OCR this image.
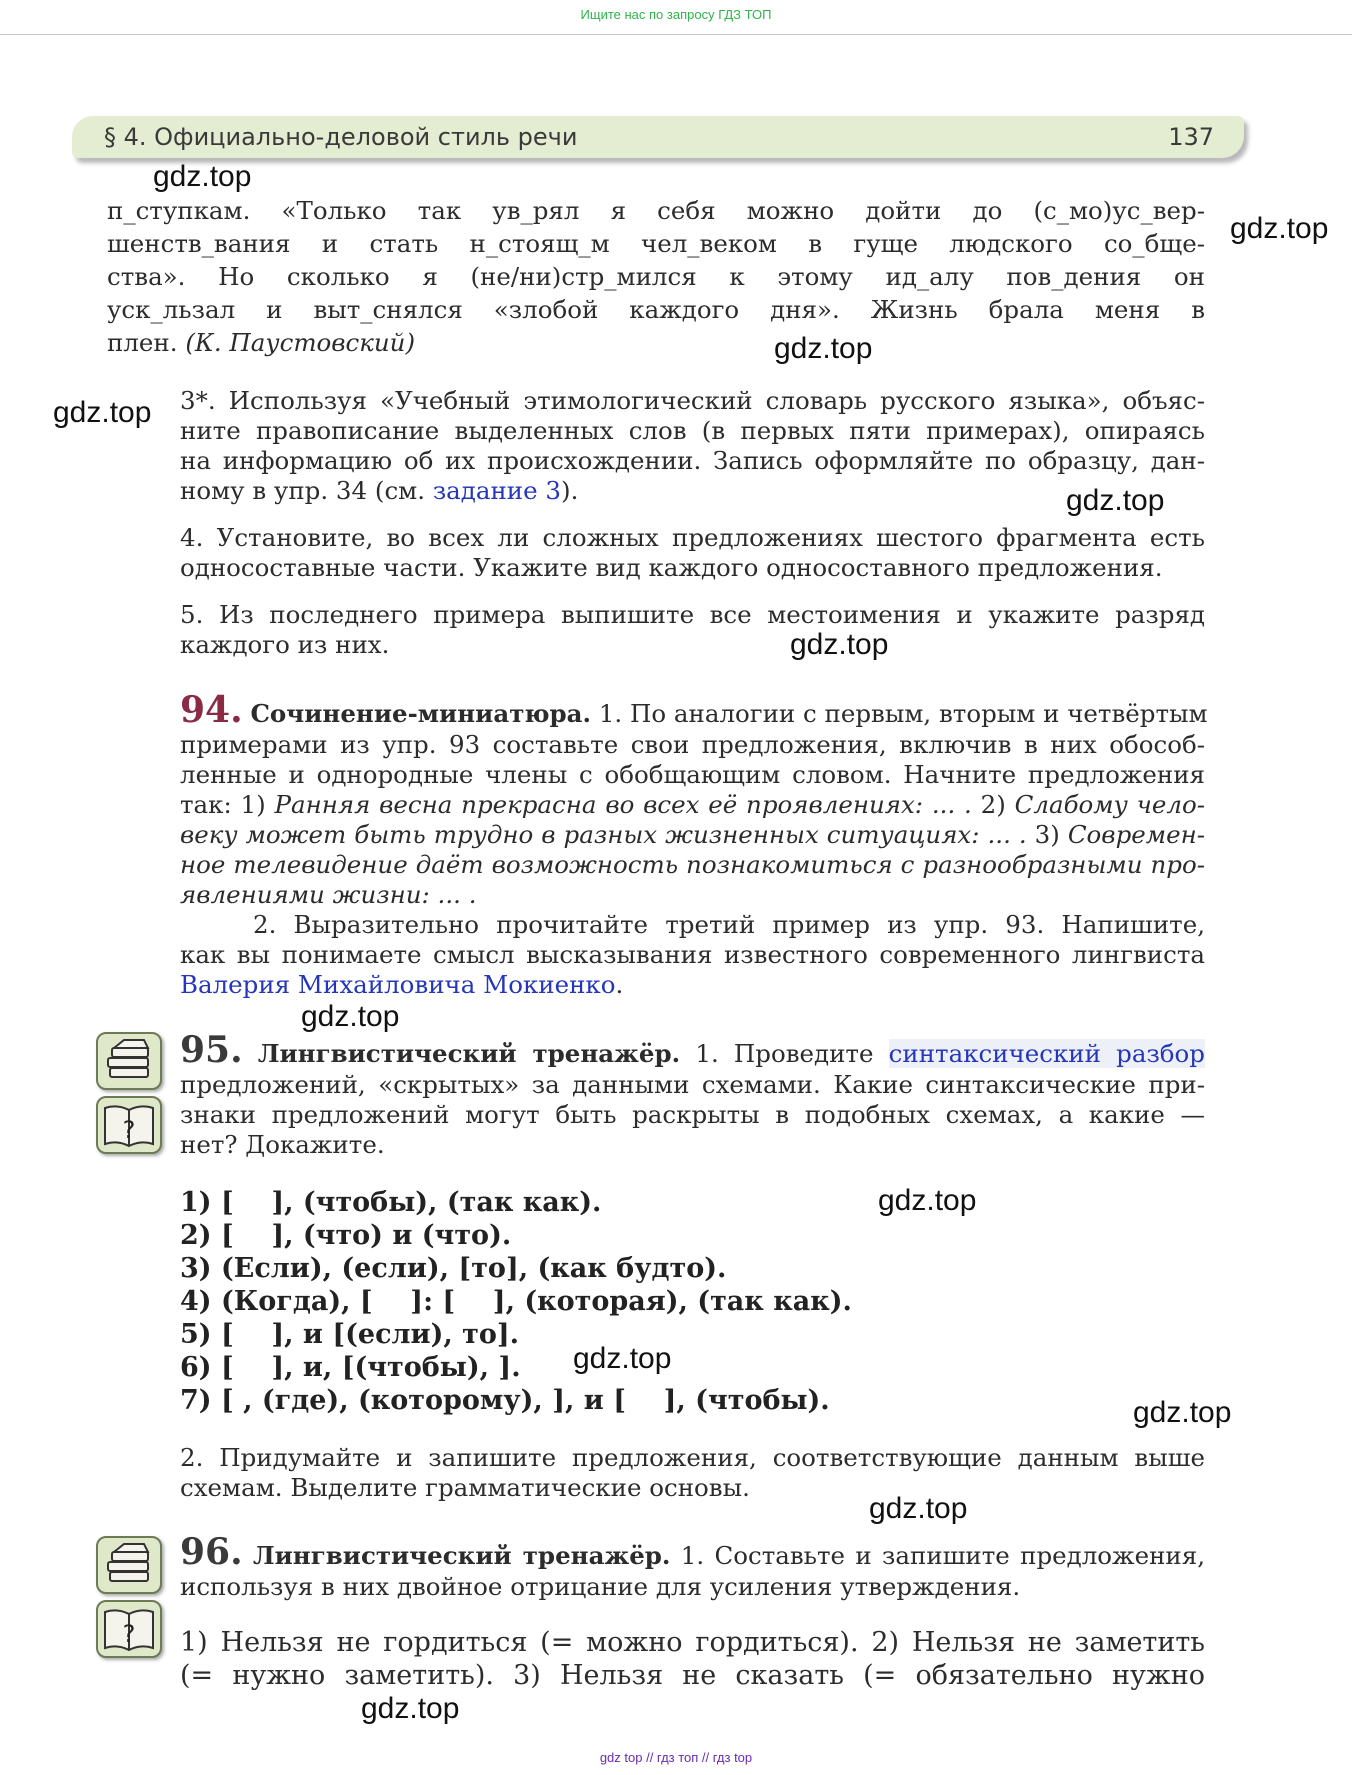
Ищите нас по запросу ГДЗ ТОП
§ 4. Официально-деловой стиль речи	137
п_ступкам. «Только так ув_рял я себя можно дойти до (с_мо)ус_вер-
шенств_вания и стать н_стоящ_м чел_веком в гуще людского со_бще-
ства». Но сколько я (не/ни)стр_мился к этому ид_алу пов_дения он
уск_льзал и выт_снялся «злобой каждого дня». Жизнь брала меня в
плен. (К. Паустовский)
3*. Используя «Учебный этимологический словарь русского языка», объяс-
ните правописание выделенных слов (в первых пяти примерах), опираясь
на информацию об их происхождении. Запись оформляйте по образцу, дан-
ному в упр. 34 (см. задание 3).
4. Установите, во всех ли сложных предложениях шестого фрагмента есть
односоставные части. Укажите вид каждого односоставного предложения.
5. Из последнего примера выпишите все местоимения и укажите разряд
каждого из них.
94. Сочинение-миниатюра. 1. По аналогии с первым, вторым и четвёртым
примерами из упр. 93 составьте свои предложения, включив в них обособ-
ленные и однородные члены с обобщающим словом. Начните предложения
так: 1) Ранняя весна прекрасна во всех её проявлениях: ... . 2) Слабому чело-
веку может быть трудно в разных жизненных ситуациях: ... . 3) Современ-
ное телевидение даёт возможность познакомиться с разнообразными про-
явлениями жизни: ... .
2. Выразительно прочитайте третий пример из упр. 93. Напишите,
как вы понимаете смысл высказывания известного современного лингвиста
Валерия Михайловича Мокиенко.
?
95. Лингвистический тренажёр. 1. Проведите синтаксический разбор
предложений, «скрытых» за данными схемами. Какие синтаксические при-
знаки предложений могут быть раскрыты в подобных схемах, а какие —
нет? Докажите.
1) [    ], (чтобы), (так как).
2) [    ], (что) и (что).
3) (Если), (если), [то], (как будто).
4) (Когда), [    ]: [    ], (которая), (так как).
5) [    ], и [(если), то].
6) [    ], и, [(чтобы), ].
7) [ , (где), (которому), ], и [    ], (чтобы).
2. Придумайте и запишите предложения, соответствующие данным выше
схемам. Выделите грамматические основы.
?
96. Лингвистический тренажёр. 1. Составьте и запишите предложения,
используя в них двойное отрицание для усиления утверждения.
1) Нельзя не гордиться (= можно гордиться). 2) Нельзя не заметить
(= нужно заметить). 3) Нельзя не сказать (= обязательно нужно
gdz.top
gdz.top
gdz.top
gdz.top
gdz.top
gdz.top
gdz.top
gdz.top
gdz.top
gdz.top
gdz.top
gdz.top
gdz top // гдз топ // гдз top
